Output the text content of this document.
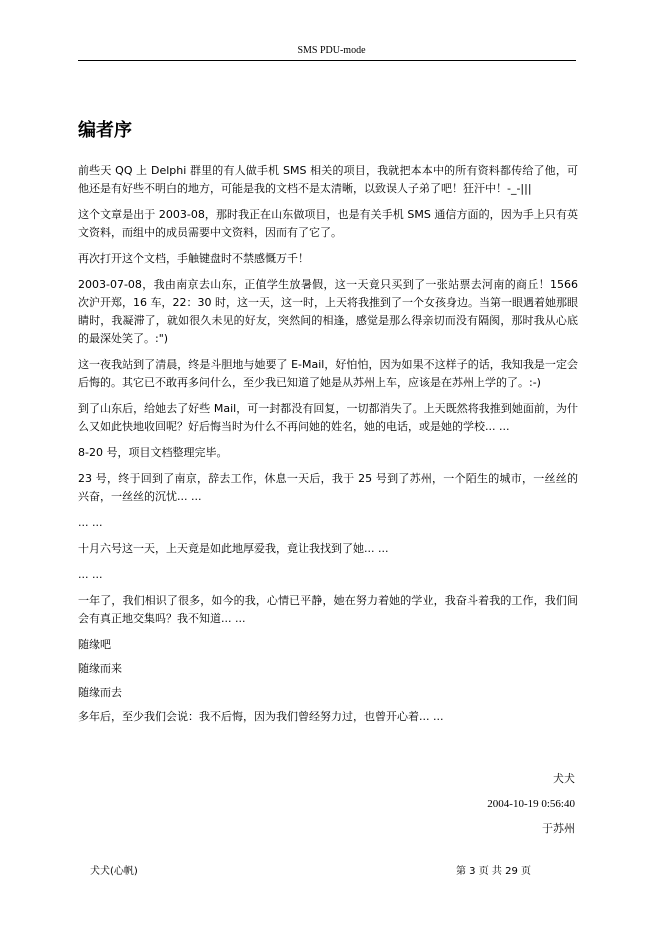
SMS PDU-mode
编者序

前些天 QQ 上 Delphi 群里的有人做手机 SMS 相关的项目，我就把本本中的所有资料都传给了他，可他还是有好些不明白的地方，可能是我的文档不是太清晰，以致误人子弟了吧！狂汗中！-_-|||

这个文章是出于 2003-08，那时我正在山东做项目，也是有关手机 SMS 通信方面的，因为手上只有英文资料，而组中的成员需要中文资料，因而有了它了。

再次打开这个文档，手触键盘时不禁感慨万千！

2003-07-08，我由南京去山东，正值学生放暑假，这一天竟只买到了一张站票去河南的商丘！1566 次沪开郑，16 车，22：30 时，这一天，这一时，上天将我推到了一个女孩身边。当第一眼遇着她那眼睛时，我凝滞了，就如很久未见的好友，突然间的相逢，感觉是那么得亲切而没有隔阂，那时我从心底的最深处笑了。:")

这一夜我站到了清晨，终是斗胆地与她要了 E-Mail，好怕怕，因为如果不这样子的话，我知我是一定会后悔的。其它已不敢再多问什么，至少我已知道了她是从苏州上车，应该是在苏州上学的了。:-)

到了山东后，给她去了好些 Mail，可一封都没有回复，一切都消失了。上天既然将我推到她面前，为什么又如此快地收回呢？好后悔当时为什么不再问她的姓名，她的电话，或是她的学校... ...

8-20 号，项目文档整理完毕。

23 号，终于回到了南京，辞去工作，休息一天后，我于 25 号到了苏州，一个陌生的城市，一丝丝的兴奋，一丝丝的沉忧... ...

... ...

十月六号这一天，上天竟是如此地厚爱我，竟让我找到了她... ...

... ...

一年了，我们相识了很多，如今的我，心情已平静，她在努力着她的学业，我奋斗着我的工作，我们间会有真正地交集吗？我不知道... ...

随缘吧

随缘而来

随缘而去

多年后，至少我们会说：我不后悔，因为我们曾经努力过，也曾开心着... ...

犬犬
2004-10-19 0:56:40
于苏州
犬犬(心帆)	第 3 页 共 29 页
